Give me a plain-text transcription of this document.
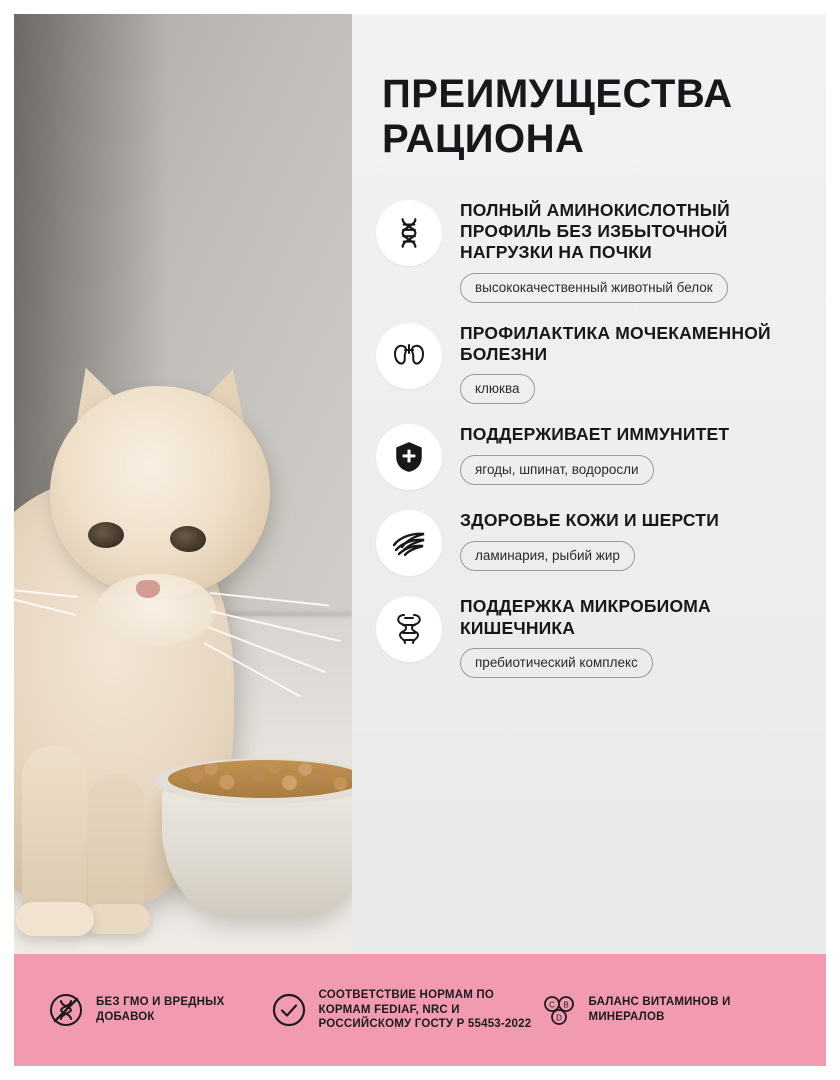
ПРЕИМУЩЕСТВА РАЦИОНА
ПОЛНЫЙ АМИНОКИСЛОТНЫЙ ПРОФИЛЬ БЕЗ ИЗБЫТОЧНОЙ НАГРУЗКИ НА ПОЧКИ
высококачественный животный белок
ПРОФИЛАКТИКА МОЧЕКАМЕННОЙ БОЛЕЗНИ
клюква
ПОДДЕРЖИВАЕТ ИММУНИТЕТ
ягоды, шпинат, водоросли
ЗДОРОВЬЕ КОЖИ И ШЕРСТИ
ламинария, рыбий жир
ПОДДЕРЖКА МИКРОБИОМА КИШЕЧНИКА
пребиотический комплекс
БЕЗ ГМО И ВРЕДНЫХ ДОБАВОК
СООТВЕТСТВИЕ НОРМАМ ПО КОРМАМ FEDIAF, NRC И РОССИЙСКОМУ ГОСТУ Р 55453-2022
C B
D
БАЛАНС ВИТАМИНОВ И МИНЕРАЛОВ
